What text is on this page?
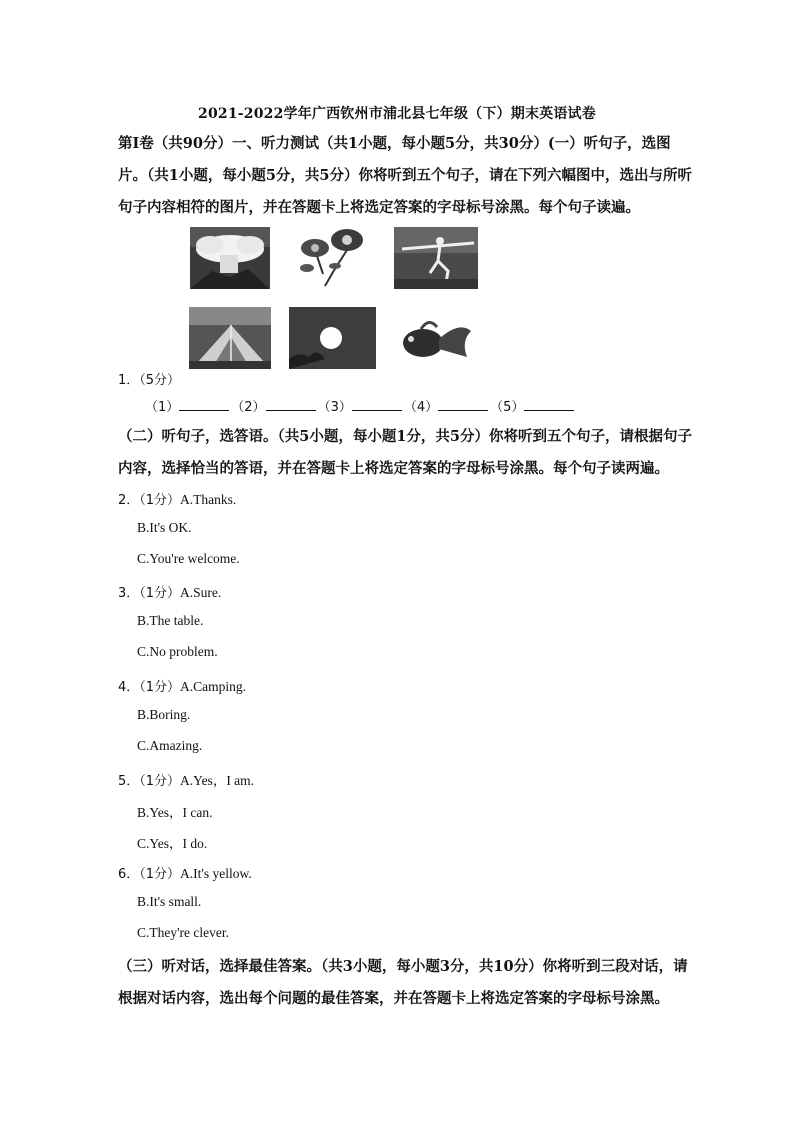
2021-2022学年广西钦州市浦北县七年级（下）期末英语试卷
第Ⅰ卷（共90分）一、听力测试（共1小题，每小题5分，共30分）(一）听句子，选图片。（共1小题，每小题5分，共5分）你将听到五个句子，请在下列六幅图中，选出与所听句子内容相符的图片，并在答题卡上将选定答案的字母标号涂黑。每个句子读遍。
1．（5分）
（1）	（2）	（3）	（4）	（5）
（二）听句子，选答语。（共5小题，每小题1分，共5分）你将听到五个句子，请根据句子内容，选择恰当的答语，并在答题卡上将选定答案的字母标号涂黑。每个句子读两遍。
2．（1分）A.Thanks.
B.It's OK.
C.You're welcome.
3．（1分）A.Sure.
B.The table.
C.No problem.
4．（1分）A.Camping.
B.Boring.
C.Amazing.
5．（1分）A.Yes，I am.
B.Yes，I can.
C.Yes，I do.
6．（1分）A.It's yellow.
B.It's small.
C.They're clever.
（三）听对话，选择最佳答案。（共3小题，每小题3分，共10分）你将听到三段对话，请根据对话内容，选出每个问题的最佳答案，并在答题卡上将选定答案的字母标号涂黑。
